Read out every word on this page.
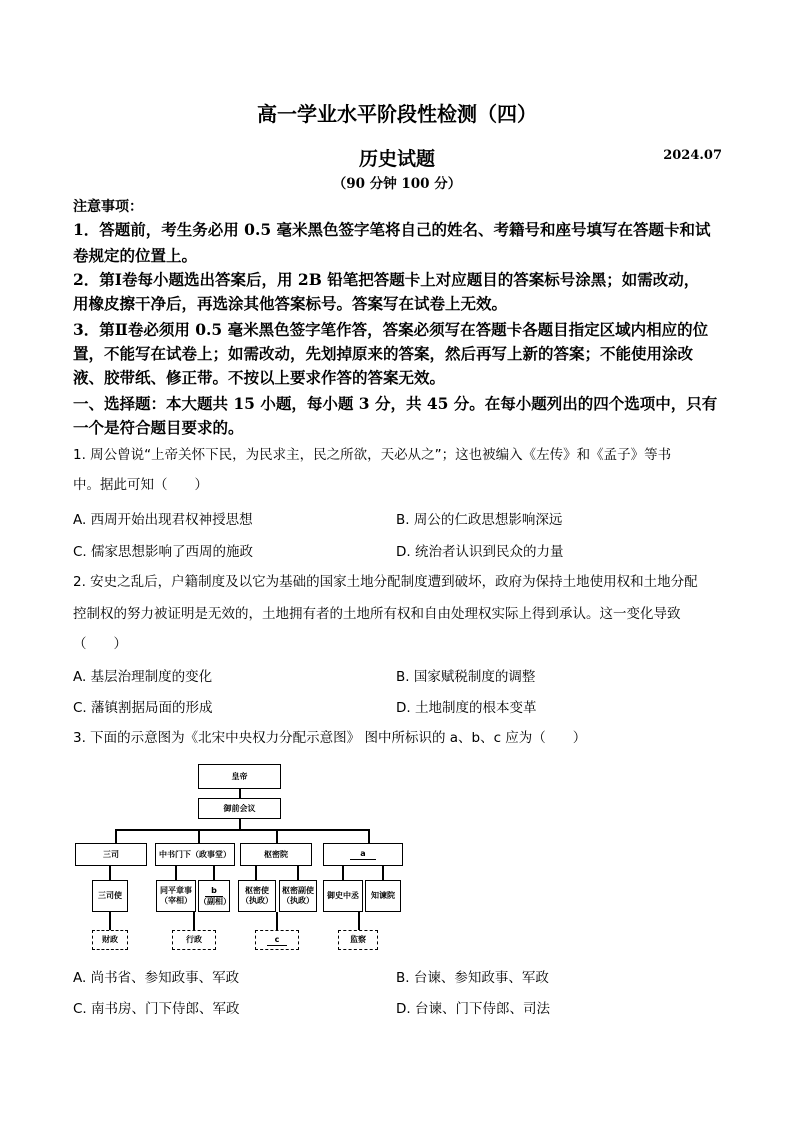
高一学业水平阶段性检测（四）
历史试题	2024.07
（90 分钟 100 分）
注意事项：
1．答题前，考生务必用 0.5 毫米黑色签字笔将自己的姓名、考籍号和座号填写在答题卡和试
卷规定的位置上。
2．第Ⅰ卷每小题选出答案后，用 2B 铅笔把答题卡上对应题目的答案标号涂黑；如需改动，
用橡皮擦干净后，再选涂其他答案标号。答案写在试卷上无效。
3．第Ⅱ卷必须用 0.5 毫米黑色签字笔作答，答案必须写在答题卡各题目指定区域内相应的位
置，不能写在试卷上；如需改动，先划掉原来的答案，然后再写上新的答案；不能使用涂改
液、胶带纸、修正带。不按以上要求作答的答案无效。
一、选择题：本大题共 15 小题，每小题 3 分，共 45 分。在每小题列出的四个选项中，只有
一个是符合题目要求的。
1. 周公曾说“上帝关怀下民，为民求主，民之所欲，天必从之”；这也被编入《左传》和《孟子》等书
中。据此可知（　　）
A. 西周开始出现君权神授思想	B. 周公的仁政思想影响深远
C. 儒家思想影响了西周的施政	D. 统治者认识到民众的力量
2. 安史之乱后，户籍制度及以它为基础的国家土地分配制度遭到破坏，政府为保持土地使用权和土地分配
控制权的努力被证明是无效的，土地拥有者的土地所有权和自由处理权实际上得到承认。这一变化导致
（　　）
A. 基层治理制度的变化	B. 国家赋税制度的调整
C. 藩镇割据局面的形成	D. 土地制度的根本变革
3. 下面的示意图为《北宋中央权力分配示意图》 图中所标识的 a、b、c 应为（　　）
皇帝
御前会议
三司	中书门下（政事堂）	枢密院	a
三司使
同平章事（宰相）
b
（副相）
枢密使（执政）
枢密副使（执政）
御史中丞	知谏院
财政	行政	c	监察
A. 尚书省、参知政事、军政	B. 台谏、参知政事、军政
C. 南书房、门下侍郎、军政	D. 台谏、门下侍郎、司法
